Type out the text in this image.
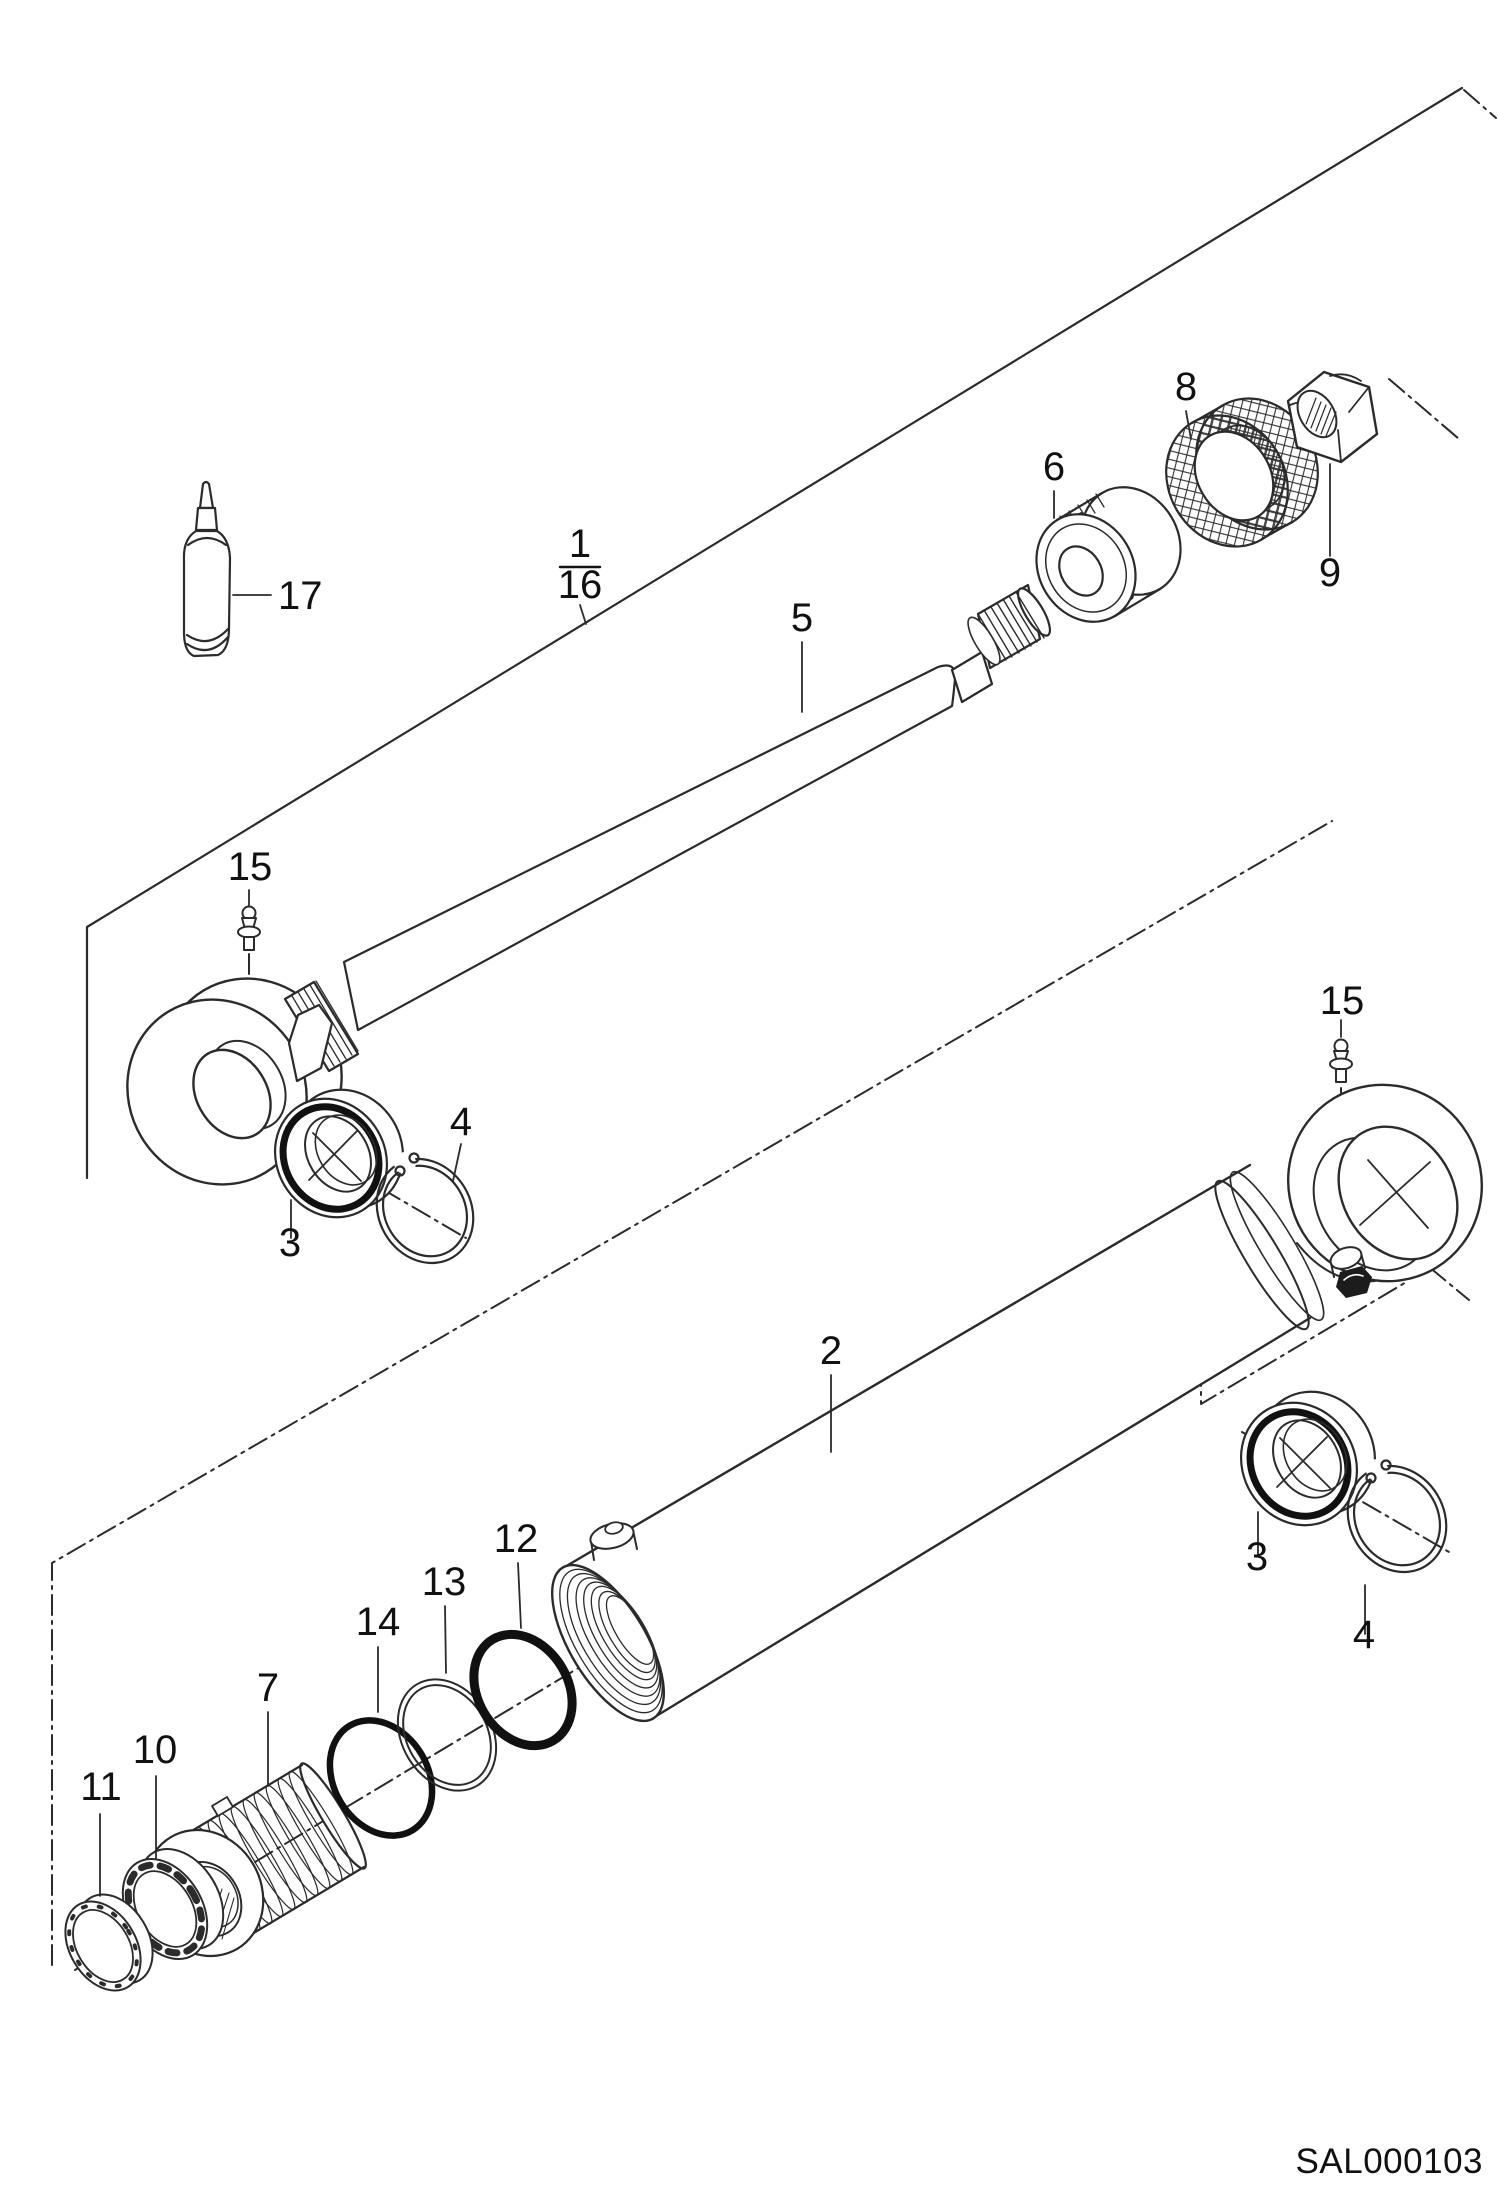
1
16
17	5
6
8
9
15
3
4
2
15
3
4
12
13
14
7
10
11
SAL000103
